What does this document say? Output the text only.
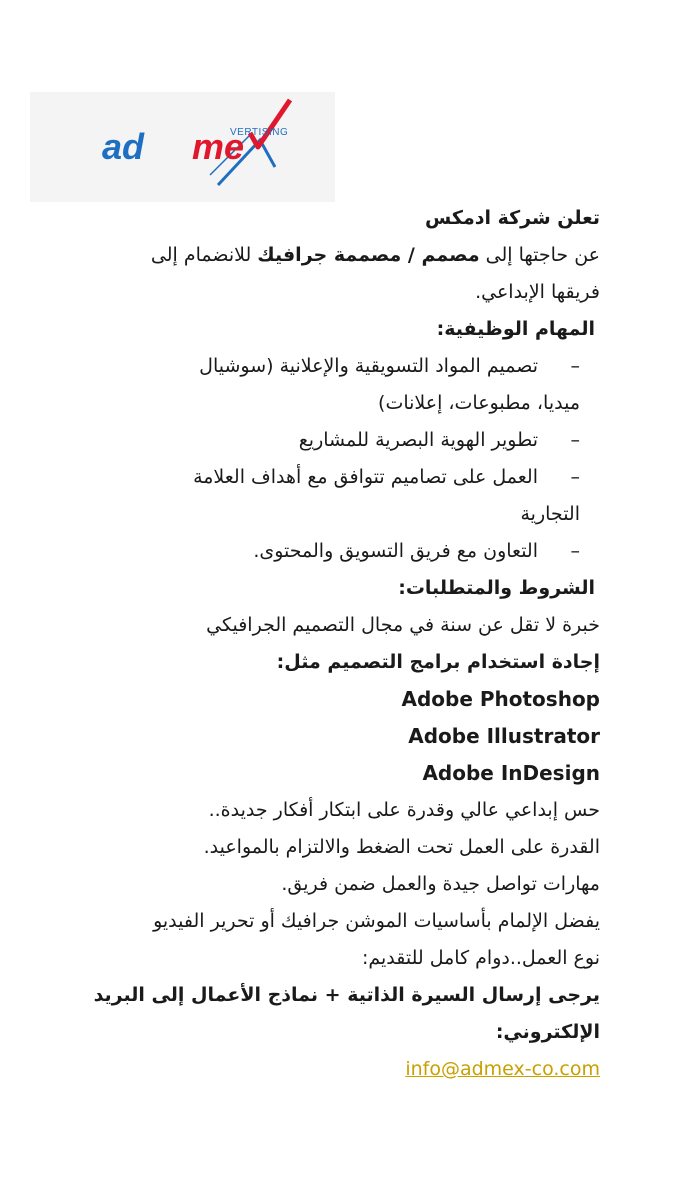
VERTISING
ad me
تعلن شركة ادمكس
عن حاجتها إلى مصمم / مصممة جرافيك للانضمام إلى
فريقها الإبداعي.
المهام الوظيفية:
–
تصميم المواد التسويقية والإعلانية (سوشيال
ميديا، مطبوعات، إعلانات)
–
تطوير الهوية البصرية للمشاريع
–
العمل على تصاميم تتوافق مع أهداف العلامة
التجارية
–
التعاون مع فريق التسويق والمحتوى.
الشروط والمتطلبات:
خبرة لا تقل عن سنة في مجال التصميم الجرافيكي
إجادة استخدام برامج التصميم مثل:
Adobe Photoshop
Adobe Illustrator
Adobe InDesign
حس إبداعي عالي وقدرة على ابتكار أفكار جديدة..
القدرة على العمل تحت الضغط والالتزام بالمواعيد.
مهارات تواصل جيدة والعمل ضمن فريق.
يفضل الإلمام بأساسيات الموشن جرافيك أو تحرير الفيديو
نوع العمل..دوام كامل للتقديم:
يرجى إرسال السيرة الذاتية + نماذج الأعمال إلى البريد
الإلكتروني:
info@admex-co.com
